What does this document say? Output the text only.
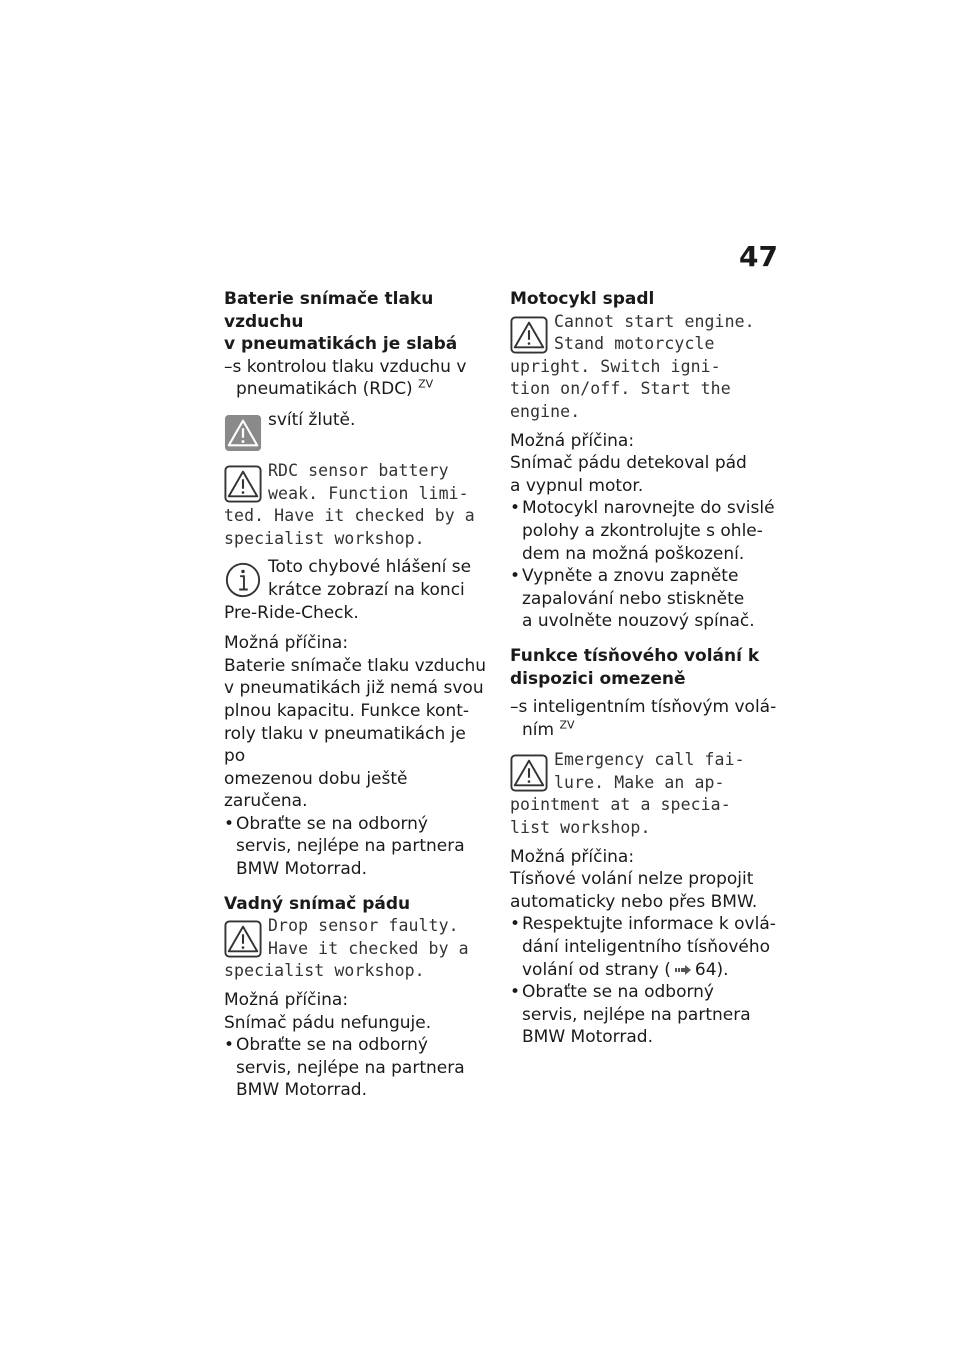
47
Baterie snímače tlaku vzduchu
v pneumatikách je slabá
–s kontrolou tlaku vzduchu v
pneumatikách (RDC) $^{ZV}$
svítí žlutě.
RDC sensor battery
weak. Function limi-
ted. Have it checked by a
specialist workshop.
Toto chybové hlášení se
krátce zobrazí na konci
Pre-Ride-Check.
Možná příčina:
Baterie snímače tlaku vzduchu
v pneumatikách již nemá svou
plnou kapacitu. Funkce kont-
roly tlaku v pneumatikách je po
omezenou dobu ještě zaručena.
• Obraťte se na odborný
servis, nejlépe na partnera
BMW Motorrad.
Vadný snímač pádu
Drop sensor faulty.
Have it checked by a
specialist workshop.
Možná příčina:
Snímač pádu nefunguje.
• Obraťte se na odborný
servis, nejlépe na partnera
BMW Motorrad.
Motocykl spadl
Cannot start engine.
Stand motorcycle
upright. Switch igni-
tion on/off. Start the
engine.
Možná příčina:
Snímač pádu detekoval pád
a vypnul motor.
• Motocykl narovnejte do svislé
polohy a zkontrolujte s ohle-
dem na možná poškození.
• Vypněte a znovu zapněte
zapalování nebo stiskněte
a uvolněte nouzový spínač.
Funkce tísňového volání k
dispozici omezeně
–s inteligentním tísňovým volá-
ním $^{ZV}$
Emergency call fai-
lure. Make an ap-
pointment at a specia-
list workshop.
Možná příčina:
Tísňové volání nelze propojit
automaticky nebo přes BMW.
• Respektujte informace k ovlá-
dání inteligentního tísňového
volání od strany ( 64).
• Obraťte se na odborný
servis, nejlépe na partnera
BMW Motorrad.
